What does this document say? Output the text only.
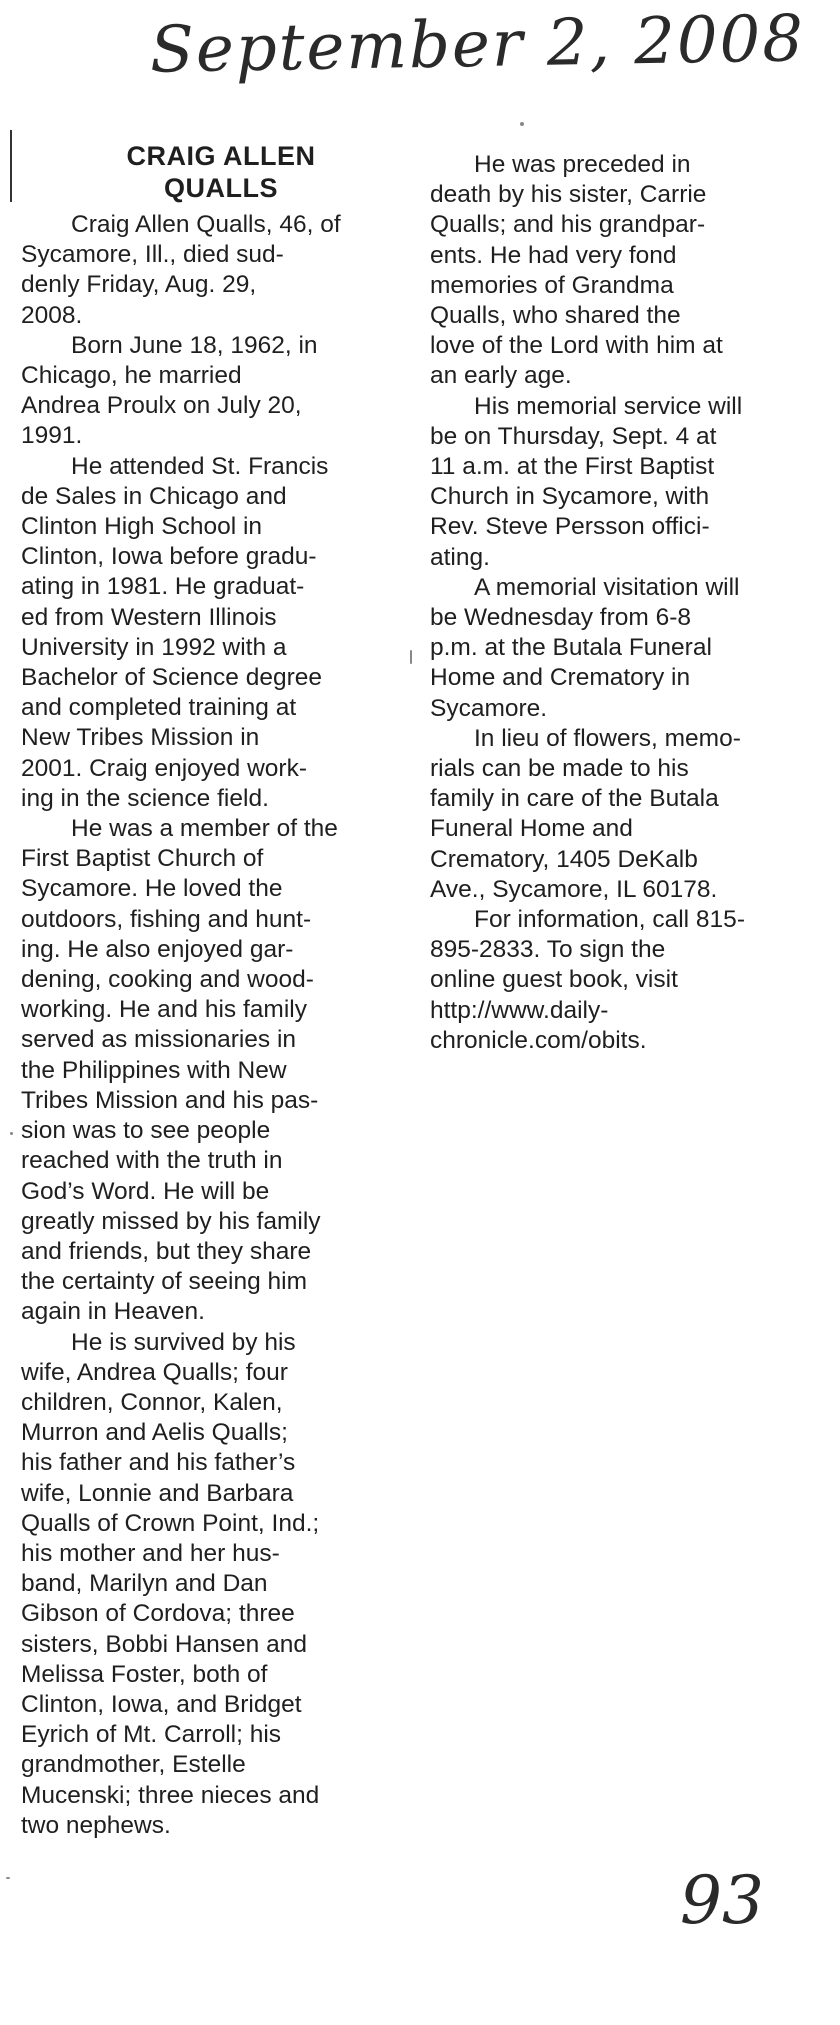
September 2, 2008
CRAIG ALLEN
QUALLS

Craig Allen Qualls, 46, of
Sycamore, Ill., died sud-
denly Friday, Aug. 29,
2008.

Born June 18, 1962, in
Chicago, he married
Andrea Proulx on July 20,
1991.

He attended St. Francis
de Sales in Chicago and
Clinton High School in
Clinton, Iowa before gradu-
ating in 1981. He graduat-
ed from Western Illinois
University in 1992 with a
Bachelor of Science degree
and completed training at
New Tribes Mission in
2001. Craig enjoyed work-
ing in the science field.

He was a member of the
First Baptist Church of
Sycamore. He loved the
outdoors, fishing and hunt-
ing. He also enjoyed gar-
dening, cooking and wood-
working. He and his family
served as missionaries in
the Philippines with New
Tribes Mission and his pas-
sion was to see people
reached with the truth in
God’s Word. He will be
greatly missed by his family
and friends, but they share
the certainty of seeing him
again in Heaven.

He is survived by his
wife, Andrea Qualls; four
children, Connor, Kalen,
Murron and Aelis Qualls;
his father and his father’s
wife, Lonnie and Barbara
Qualls of Crown Point, Ind.;
his mother and her hus-
band, Marilyn and Dan
Gibson of Cordova; three
sisters, Bobbi Hansen and
Melissa Foster, both of
Clinton, Iowa, and Bridget
Eyrich of Mt. Carroll; his
grandmother, Estelle
Mucenski; three nieces and
two nephews.

He was preceded in
death by his sister, Carrie
Qualls; and his grandpar-
ents. He had very fond
memories of Grandma
Qualls, who shared the
love of the Lord with him at
an early age.

His memorial service will
be on Thursday, Sept. 4 at
11 a.m. at the First Baptist
Church in Sycamore, with
Rev. Steve Persson offici-
ating.

A memorial visitation will
be Wednesday from 6-8
p.m. at the Butala Funeral
Home and Crematory in
Sycamore.

In lieu of flowers, memo-
rials can be made to his
family in care of the Butala
Funeral Home and
Crematory, 1405 DeKalb
Ave., Sycamore, IL 60178.

For information, call 815-
895-2833. To sign the
online guest book, visit
http://www.daily-
chronicle.com/obits.

93
